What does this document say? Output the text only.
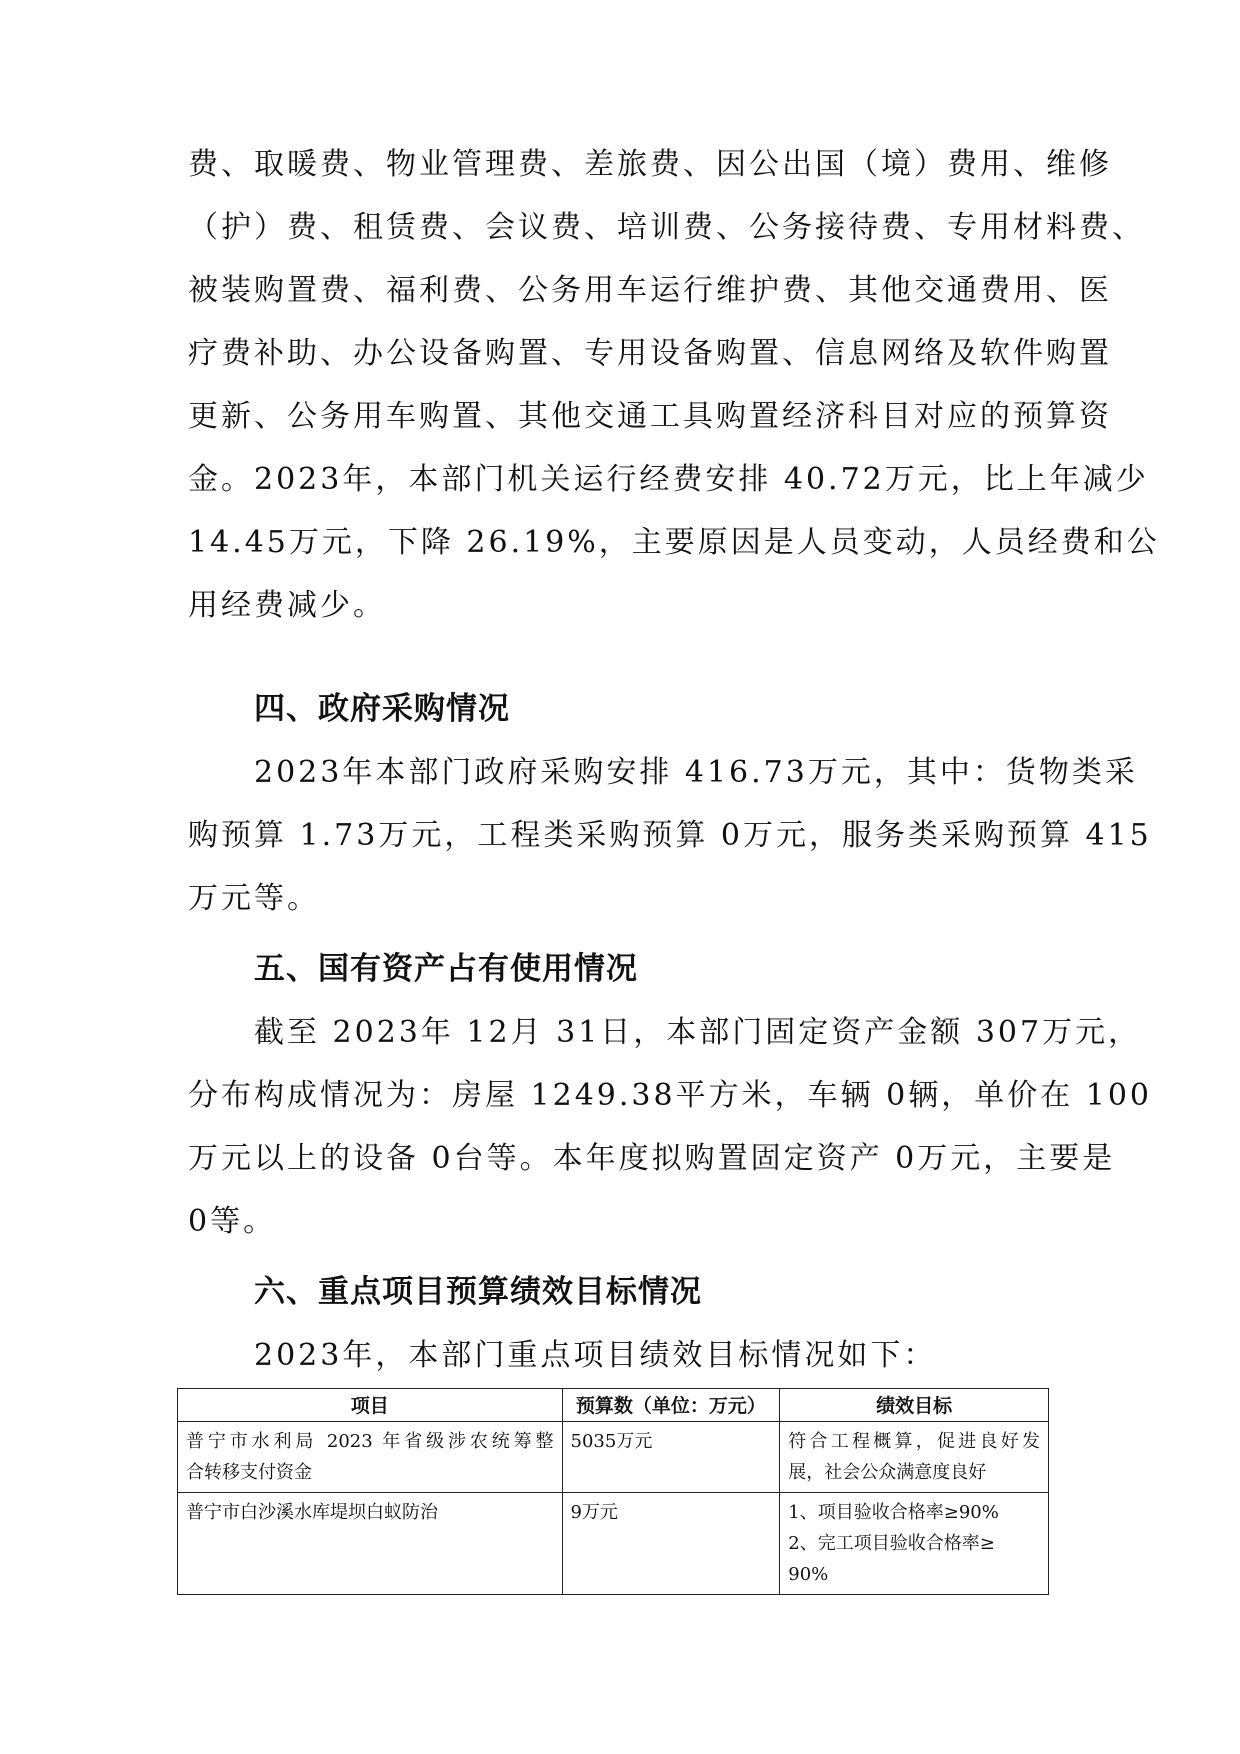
费、取暖费、物业管理费、差旅费、因公出国（境）费用、维修
（护）费、租赁费、会议费、培训费、公务接待费、专用材料费、
被装购置费、福利费、公务用车运行维护费、其他交通费用、医
疗费补助、办公设备购置、专用设备购置、信息网络及软件购置
更新、公务用车购置、其他交通工具购置经济科目对应的预算资
金。2023年，本部门机关运行经费安排 40.72万元，比上年减少
14.45万元，下降 26.19%，主要原因是人员变动，人员经费和公
用经费减少。
四、政府采购情况
2023年本部门政府采购安排 416.73万元，其中：货物类采
购预算 1.73万元，工程类采购预算 0万元，服务类采购预算 415
万元等。
五、国有资产占有使用情况
截至 2023年 12月 31日，本部门固定资产金额 307万元，
分布构成情况为：房屋 1249.38平方米，车辆 0辆，单价在 100
万元以上的设备 0台等。本年度拟购置固定资产 0万元，主要是
0等。
六、重点项目预算绩效目标情况
2023年，本部门重点项目绩效目标情况如下：
项目	预算数（单位：万元）	绩效目标

普宁市水利局 2023 年省级涉农统筹整
合转移支付资金	5035万元	符合工程概算，促进良好发
展，社会公众满意度良好

普宁市白沙溪水库堤坝白蚁防治	9万元	1、项目验收合格率≥90%
2、完工项目验收合格率≥
90%
